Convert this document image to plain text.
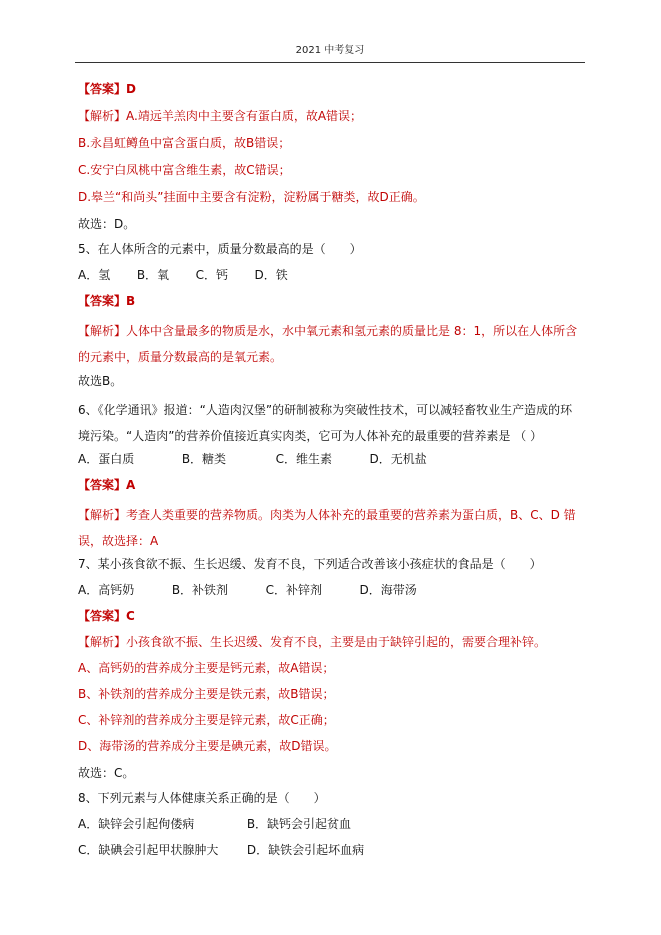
2021 中考复习
【答案】D
【解析】A.靖远羊羔肉中主要含有蛋白质，故A错误；
B.永昌虹鳟鱼中富含蛋白质，故B错误；
C.安宁白凤桃中富含维生素，故C错误；
D.皋兰“和尚头”挂面中主要含有淀粉，淀粉属于糖类，故D正确。
故选：D。
5、在人体所含的元素中，质量分数最高的是（　　）
A．氢 B．氧 C．钙 D．铁
【答案】B
【解析】人体中含量最多的物质是水，水中氧元素和氢元素的质量比是 8：1，所以在人体所含的元素中，质量分数最高的是氧元素。
故选B。
6、《化学通讯》报道：“人造肉汉堡”的研制被称为突破性技术，可以减轻畜牧业生产造成的环境污染。“人造肉”的营养价值接近真实肉类，它可为人体补充的最重要的营养素是 （ ）
A．蛋白质	B．糖类	C．维生素	D．无机盐
【答案】A
【解析】考查人类重要的营养物质。肉类为人体补充的最重要的营养素为蛋白质，B、C、D 错误，故选择：A
7、某小孩食欲不振、生长迟缓、发育不良，下列适合改善该小孩症状的食品是（　　）
A．高钙奶	B．补铁剂	C．补锌剂	D．海带汤
【答案】C
【解析】小孩食欲不振、生长迟缓、发育不良，主要是由于缺锌引起的，需要合理补锌。
A、高钙奶的营养成分主要是钙元素，故A错误；
B、补铁剂的营养成分主要是铁元素，故B错误；
C、补锌剂的营养成分主要是锌元素，故C正确；
D、海带汤的营养成分主要是碘元素，故D错误。
故选：C。
8、下列元素与人体健康关系正确的是（　　）
A．缺锌会引起佝偻病	B．缺钙会引起贫血
C．缺碘会引起甲状腺肿大 D．缺铁会引起坏血病
